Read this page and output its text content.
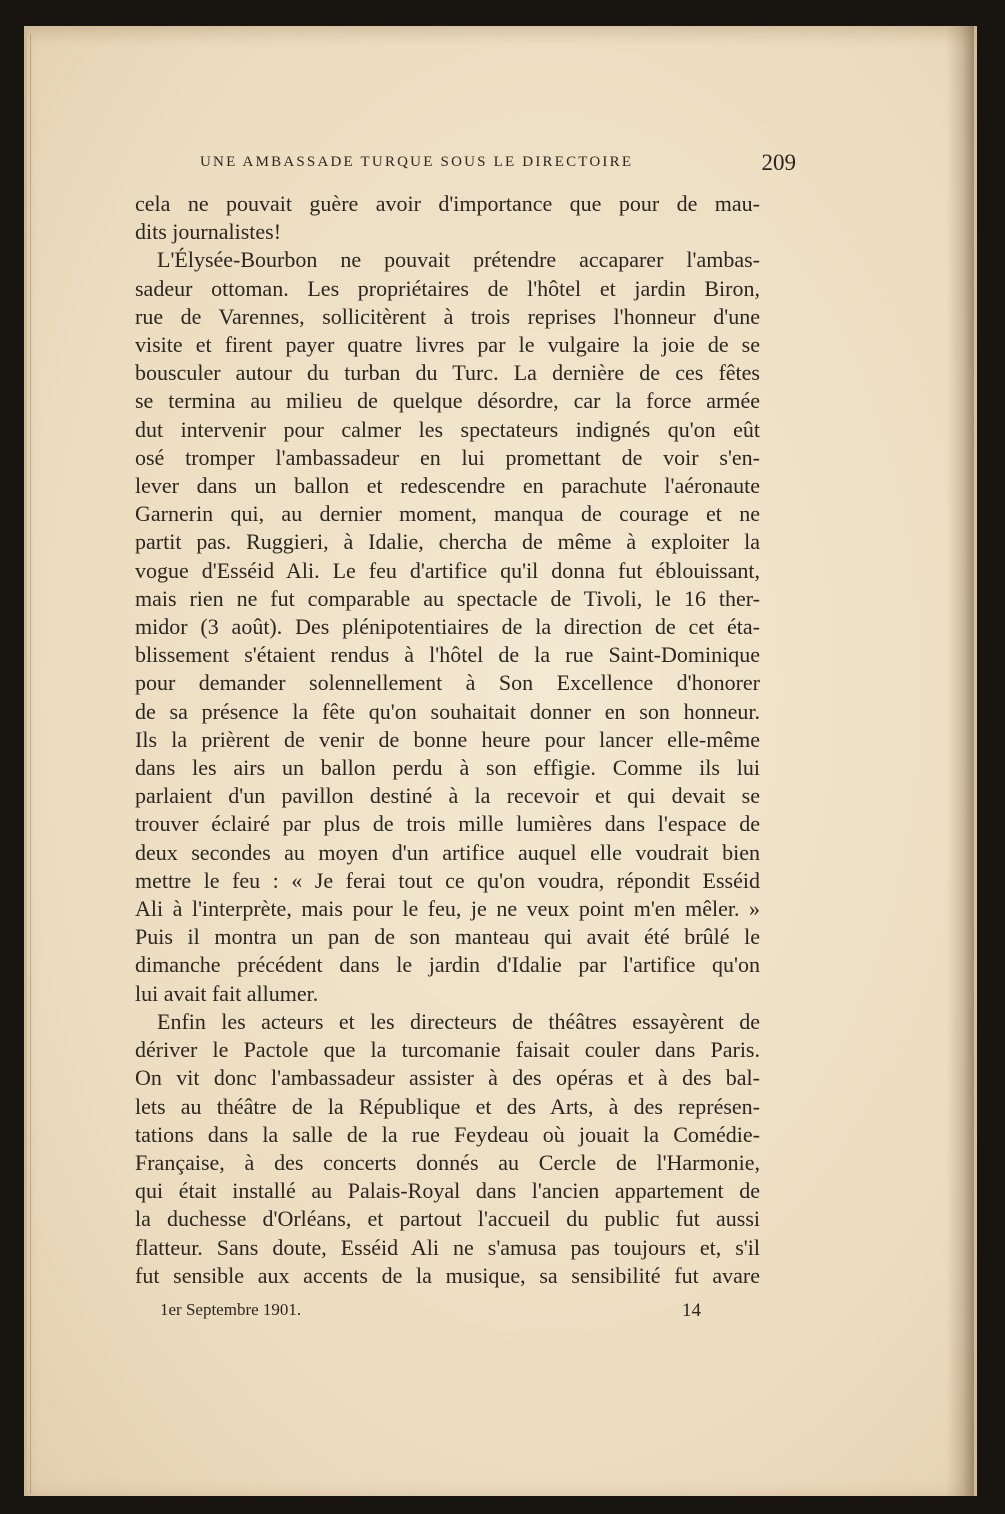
UNE AMBASSADE TURQUE SOUS LE DIRECTOIRE	209
cela ne pouvait guère avoir d'importance que pour de mau-
dits journalistes!
L'Élysée-Bourbon ne pouvait prétendre accaparer l'ambas-
sadeur ottoman. Les propriétaires de l'hôtel et jardin Biron,
rue de Varennes, sollicitèrent à trois reprises l'honneur d'une
visite et firent payer quatre livres par le vulgaire la joie de se
bousculer autour du turban du Turc. La dernière de ces fêtes
se termina au milieu de quelque désordre, car la force armée
dut intervenir pour calmer les spectateurs indignés qu'on eût
osé tromper l'ambassadeur en lui promettant de voir s'en-
lever dans un ballon et redescendre en parachute l'aéronaute
Garnerin qui, au dernier moment, manqua de courage et ne
partit pas. Ruggieri, à Idalie, chercha de même à exploiter la
vogue d'Esséid Ali. Le feu d'artifice qu'il donna fut éblouissant,
mais rien ne fut comparable au spectacle de Tivoli, le 16 ther-
midor (3 août). Des plénipotentiaires de la direction de cet éta-
blissement s'étaient rendus à l'hôtel de la rue Saint-Dominique
pour demander solennellement à Son Excellence d'honorer
de sa présence la fête qu'on souhaitait donner en son honneur.
Ils la prièrent de venir de bonne heure pour lancer elle-même
dans les airs un ballon perdu à son effigie. Comme ils lui
parlaient d'un pavillon destiné à la recevoir et qui devait se
trouver éclairé par plus de trois mille lumières dans l'espace de
deux secondes au moyen d'un artifice auquel elle voudrait bien
mettre le feu : « Je ferai tout ce qu'on voudra, répondit Esséid
Ali à l'interprète, mais pour le feu, je ne veux point m'en mêler. »
Puis il montra un pan de son manteau qui avait été brûlé le
dimanche précédent dans le jardin d'Idalie par l'artifice qu'on
lui avait fait allumer.
Enfin les acteurs et les directeurs de théâtres essayèrent de
dériver le Pactole que la turcomanie faisait couler dans Paris.
On vit donc l'ambassadeur assister à des opéras et à des bal-
lets au théâtre de la République et des Arts, à des représen-
tations dans la salle de la rue Feydeau où jouait la Comédie-
Française, à des concerts donnés au Cercle de l'Harmonie,
qui était installé au Palais-Royal dans l'ancien appartement de
la duchesse d'Orléans, et partout l'accueil du public fut aussi
flatteur. Sans doute, Esséid Ali ne s'amusa pas toujours et, s'il
fut sensible aux accents de la musique, sa sensibilité fut avare
1er Septembre 1901.	14
